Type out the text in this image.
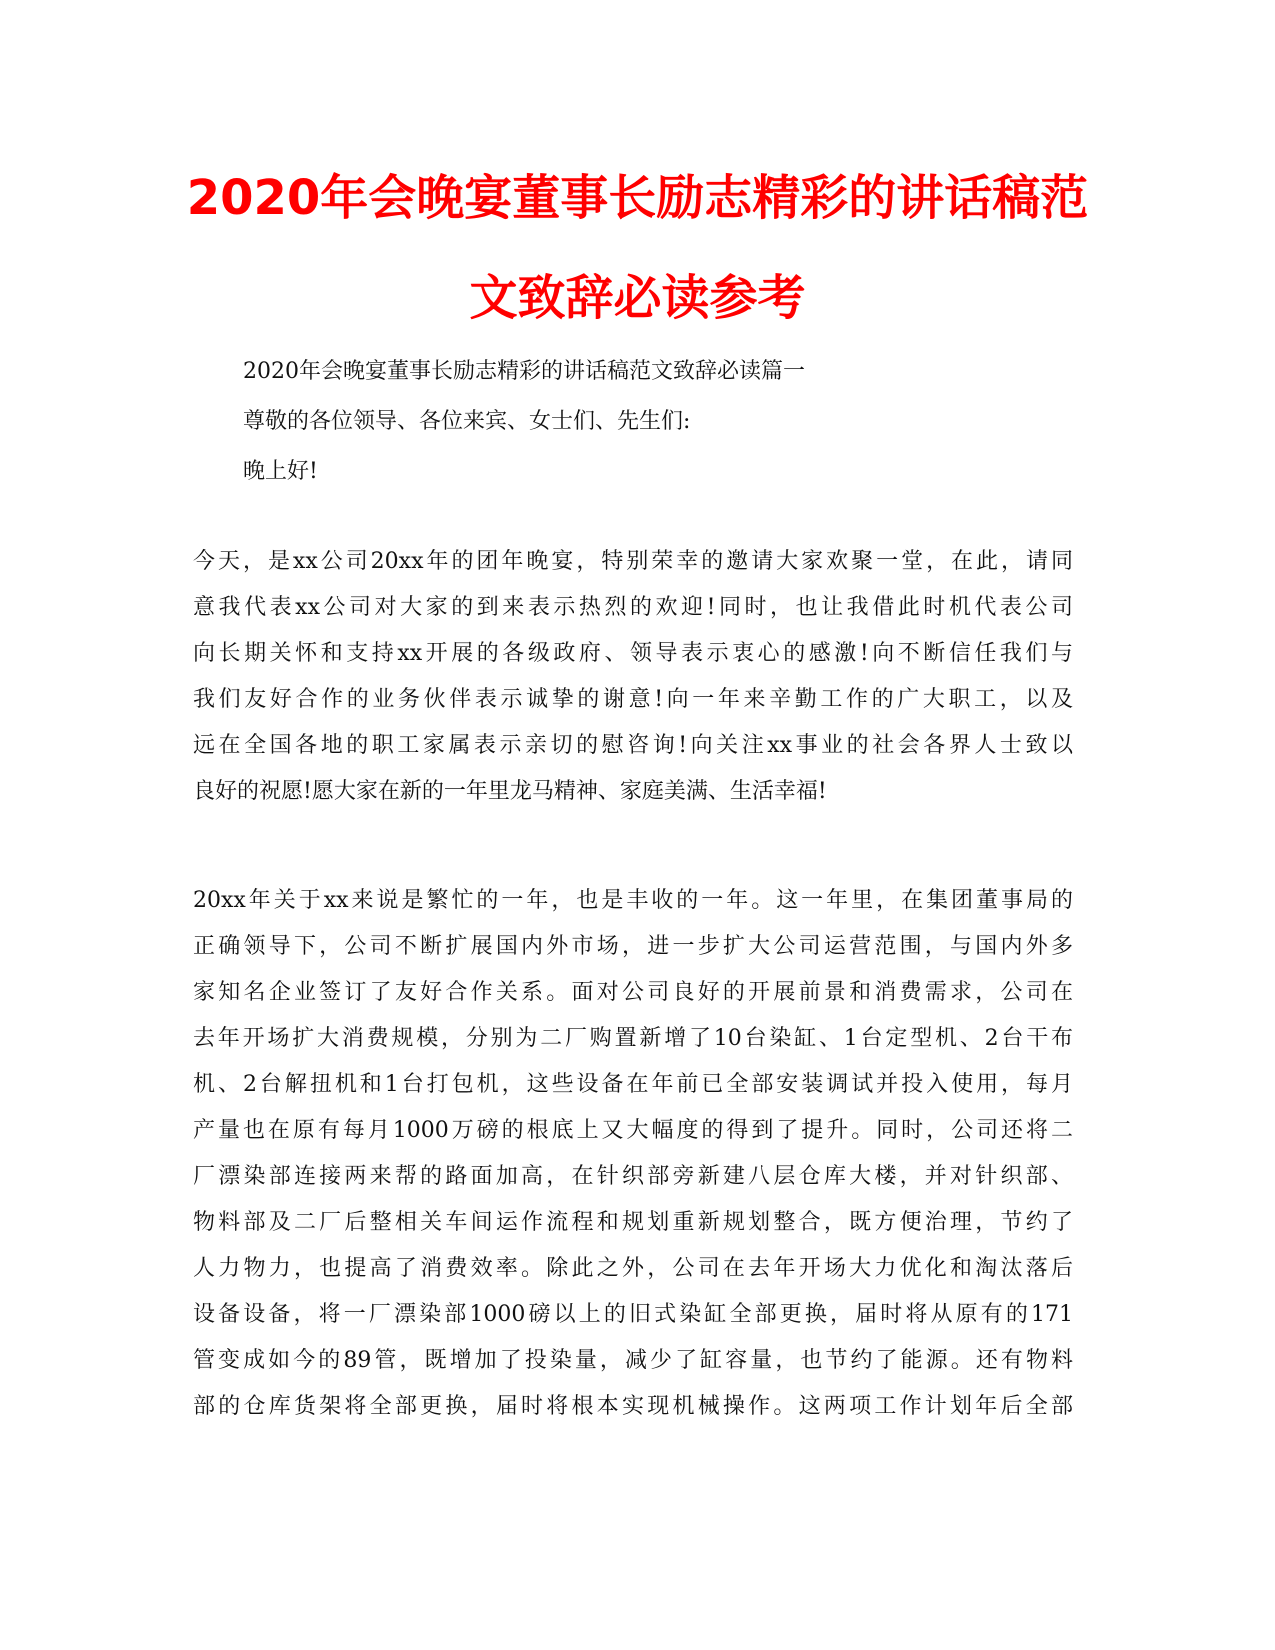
2020年会晚宴董事长励志精彩的讲话稿范
文致辞必读参考
2020年会晚宴董事长励志精彩的讲话稿范文致辞必读篇一
尊敬的各位领导、各位来宾、女士们、先生们:
晚上好!
今天，是xx公司20xx年的团年晚宴，特别荣幸的邀请大家欢聚一堂，在此，请同
意我代表xx公司对大家的到来表示热烈的欢迎!同时，也让我借此时机代表公司
向长期关怀和支持xx开展的各级政府、领导表示衷心的感激!向不断信任我们与
我们友好合作的业务伙伴表示诚挚的谢意!向一年来辛勤工作的广大职工，以及
远在全国各地的职工家属表示亲切的慰咨询!向关注xx事业的社会各界人士致以
良好的祝愿!愿大家在新的一年里龙马精神、家庭美满、生活幸福!
20xx年关于xx来说是繁忙的一年，也是丰收的一年。这一年里，在集团董事局的
正确领导下，公司不断扩展国内外市场，进一步扩大公司运营范围，与国内外多
家知名企业签订了友好合作关系。面对公司良好的开展前景和消费需求，公司在
去年开场扩大消费规模，分别为二厂购置新增了10台染缸、1台定型机、2台干布
机、2台解扭机和1台打包机，这些设备在年前已全部安装调试并投入使用，每月
产量也在原有每月1000万磅的根底上又大幅度的得到了提升。同时，公司还将二
厂漂染部连接两来帮的路面加高，在针织部旁新建八层仓库大楼，并对针织部、
物料部及二厂后整相关车间运作流程和规划重新规划整合，既方便治理，节约了
人力物力，也提高了消费效率。除此之外，公司在去年开场大力优化和淘汰落后
设备设备，将一厂漂染部1000磅以上的旧式染缸全部更换，届时将从原有的171
管变成如今的89管，既增加了投染量，减少了缸容量，也节约了能源。还有物料
部的仓库货架将全部更换，届时将根本实现机械操作。这两项工作计划年后全部
